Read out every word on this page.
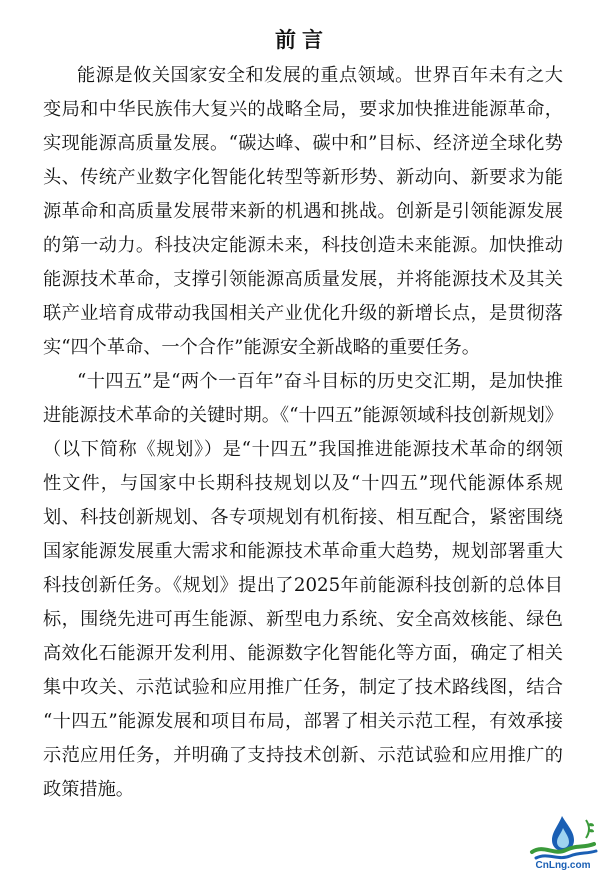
前言
能源是攸关国家安全和发展的重点领域。世界百年未有之大
变局和中华民族伟大复兴的战略全局，要求加快推进能源革命，
实现能源高质量发展。“碳达峰、碳中和”目标、经济逆全球化势
头、传统产业数字化智能化转型等新形势、新动向、新要求为能
源革命和高质量发展带来新的机遇和挑战。创新是引领能源发展
的第一动力。科技决定能源未来，科技创造未来能源。加快推动
能源技术革命，支撑引领能源高质量发展，并将能源技术及其关
联产业培育成带动我国相关产业优化升级的新增长点，是贯彻落
实“四个革命、一个合作”能源安全新战略的重要任务。
“十四五”是“两个一百年”奋斗目标的历史交汇期，是加快推
进能源技术革命的关键时期。《“十四五”能源领域科技创新规划》
（以下简称《规划》）是“十四五”我国推进能源技术革命的纲领
性文件，与国家中长期科技规划以及“十四五”现代能源体系规
划、科技创新规划、各专项规划有机衔接、相互配合，紧密围绕
国家能源发展重大需求和能源技术革命重大趋势，规划部署重大
科技创新任务。《规划》提出了2025年前能源科技创新的总体目
标，围绕先进可再生能源、新型电力系统、安全高效核能、绿色
高效化石能源开发利用、能源数字化智能化等方面，确定了相关
集中攻关、示范试验和应用推广任务，制定了技术路线图，结合
“十四五”能源发展和项目布局，部署了相关示范工程，有效承接
示范应用任务，并明确了支持技术创新、示范试验和应用推广的
政策措施。
CnLng.com
